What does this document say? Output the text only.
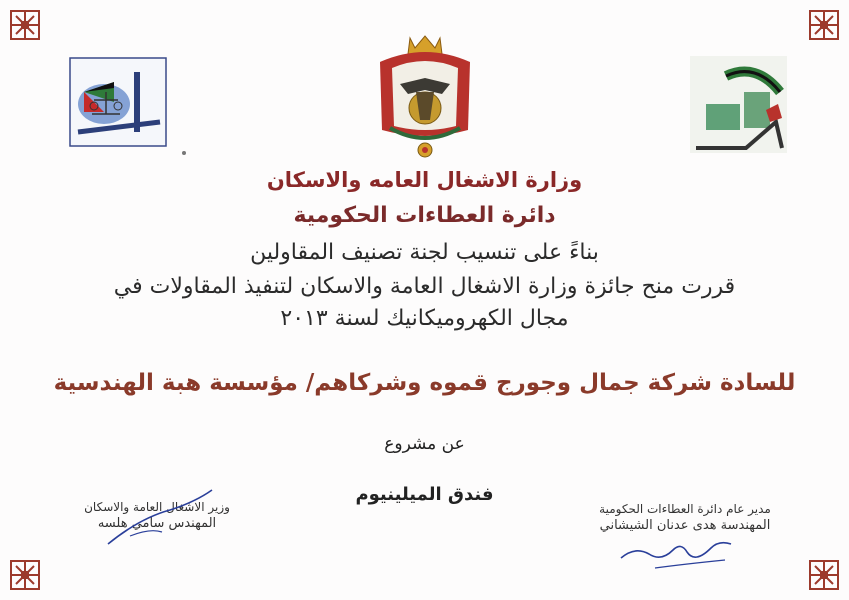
وزارة الاشغال العامه والاسكان
دائرة العطاءات الحكومية
بناءً على تنسيب لجنة تصنيف المقاولين
قررت منح جائزة وزارة الاشغال العامة والاسكان لتنفيذ المقاولات في
مجال الكهروميكانيك لسنة ٢٠١٣
للسادة شركة جمال وجورج قموه وشركاهم/ مؤسسة هبة الهندسية
عن مشروع
فندق الميلينيوم
وزير الاشغال العامة والاسكان
المهندس سامي هلسه
مدير عام دائرة العطاءات الحكومية
المهندسة هدى عدنان الشيشاني
